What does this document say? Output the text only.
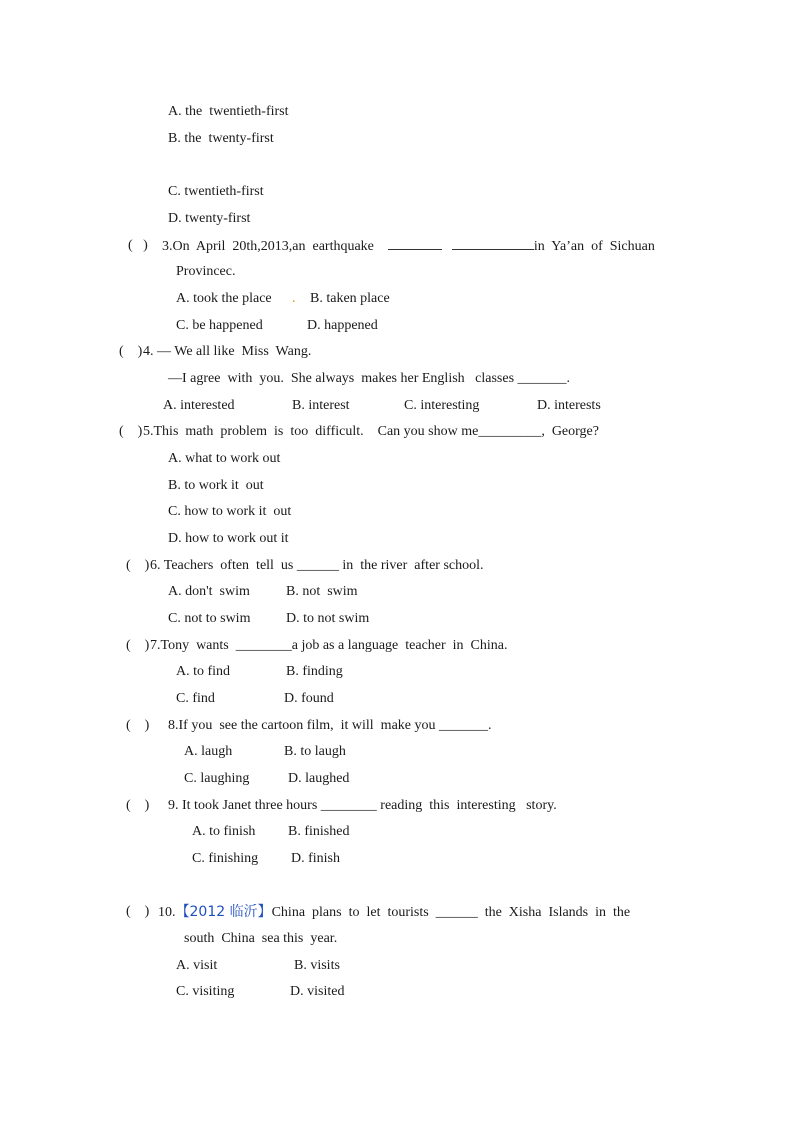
A. the  twentieth-first
B. the  twenty-first
C. twentieth-first
D. twenty-first
(   ) 3.On  April  20th,2013,an  earthquake	in  Ya’an  of  Sichuan
Provincec.
A. took the place . B. taken place
C. be happened	D. happened
(    ) 4. — We all like  Miss  Wang.
—I agree  with  you.  She always  makes her English   classes _______.
A. interested	B. interest	C. interesting	D. interests
(    ) 5.This  math  problem  is  too  difficult.    Can you show me_________,  George?
A. what to work out
B. to work it  out
C. how to work it  out
D. how to work out it
(    ) 6. Teachers  often  tell  us ______ in  the river  after school.
A. don't  swim	B. not  swim
C. not to swim	D. to not swim
(    ) 7.Tony  wants  ________a job as a language  teacher  in  China.
A. to find	B. finding
C. find	D. found
(    ) 8.If you  see the cartoon film,  it will  make you _______.
A. laugh	B. to laugh
C. laughing	D. laughed
(    ) 9. It took Janet three hours ________ reading  this  interesting   story.
A. to finish B. finished
C. finishing D. finish
(    ) 10.【2012 临沂】China  plans  to  let  tourists  ______  the  Xisha  Islands  in  the
south  China  sea this  year.
A. visit	B. visits
C. visiting	D. visited
